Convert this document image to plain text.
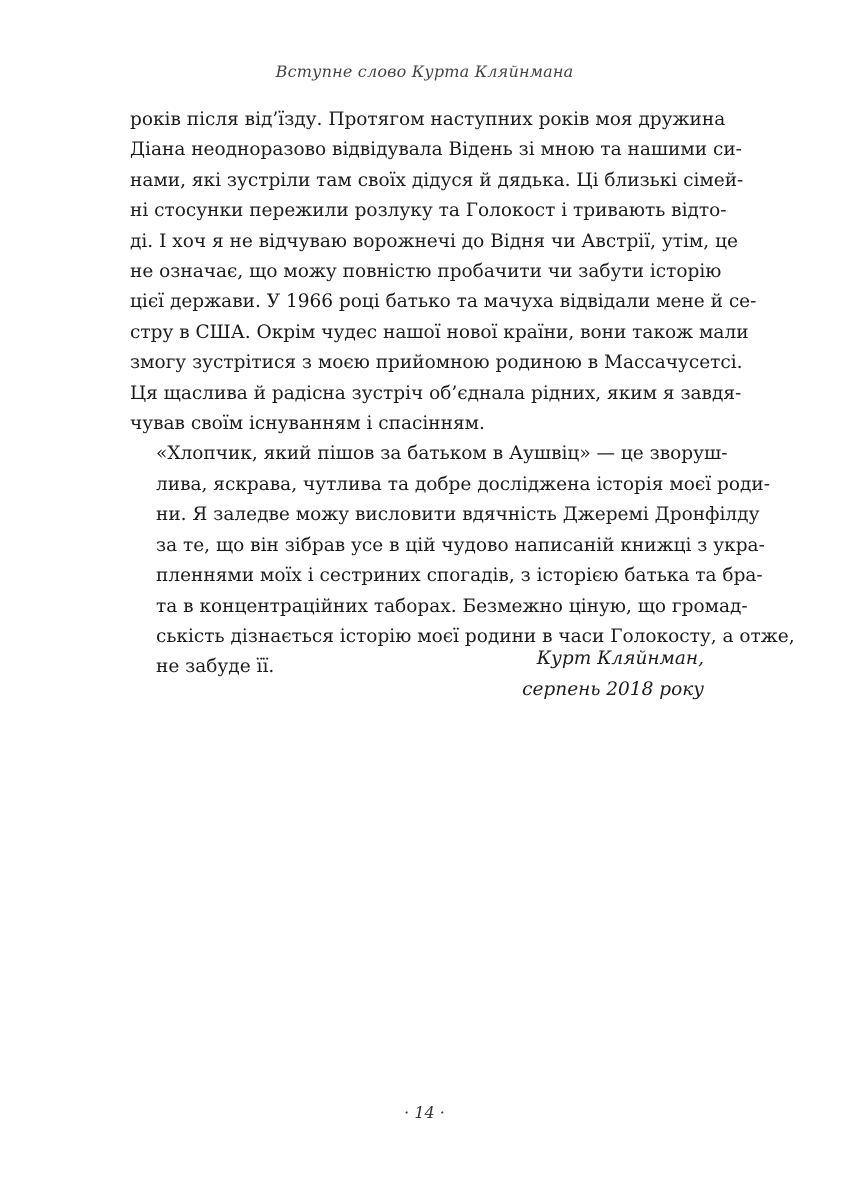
Вступне слово Курта Кляйнмана
років після від’їзду. Протягом наступних років моя дружина
Діана неодноразово відвідувала Відень зі мною та нашими си-
нами, які зустріли там своїх дідуся й дядька. Ці близькі сімей-
ні стосунки пережили розлуку та Голокост і тривають відто-
ді. І хоч я не відчуваю ворожнечі до Відня чи Австрії, утім, це
не означає, що можу повністю пробачити чи забути історію
цієї держави. У 1966 році батько та мачуха відвідали мене й се-
стру в США. Окрім чудес нашої нової країни, вони також мали
змогу зустрітися з моєю прийомною родиною в Массачусетсі.
Ця щаслива й радісна зустріч об’єднала рідних, яким я завдя-
чував своїм існуванням і спасінням.
«Хлопчик, який пішов за батьком в Аушвіц» — це зворуш-
лива, яскрава, чутлива та добре досліджена історія моєї роди-
ни. Я заледве можу висловити вдячність Джеремі Дронфілду
за те, що він зібрав усе в цій чудово написаній книжці з укра-
пленнями моїх і сестриних спогадів, з історією батька та бра-
та в концентраційних таборах. Безмежно ціную, що громад-
ськість дізнається історію моєї родини в часи Голокосту, а отже,
не забуде її.	Курт Кляйнман,
серпень 2018 року
· 14 ·
